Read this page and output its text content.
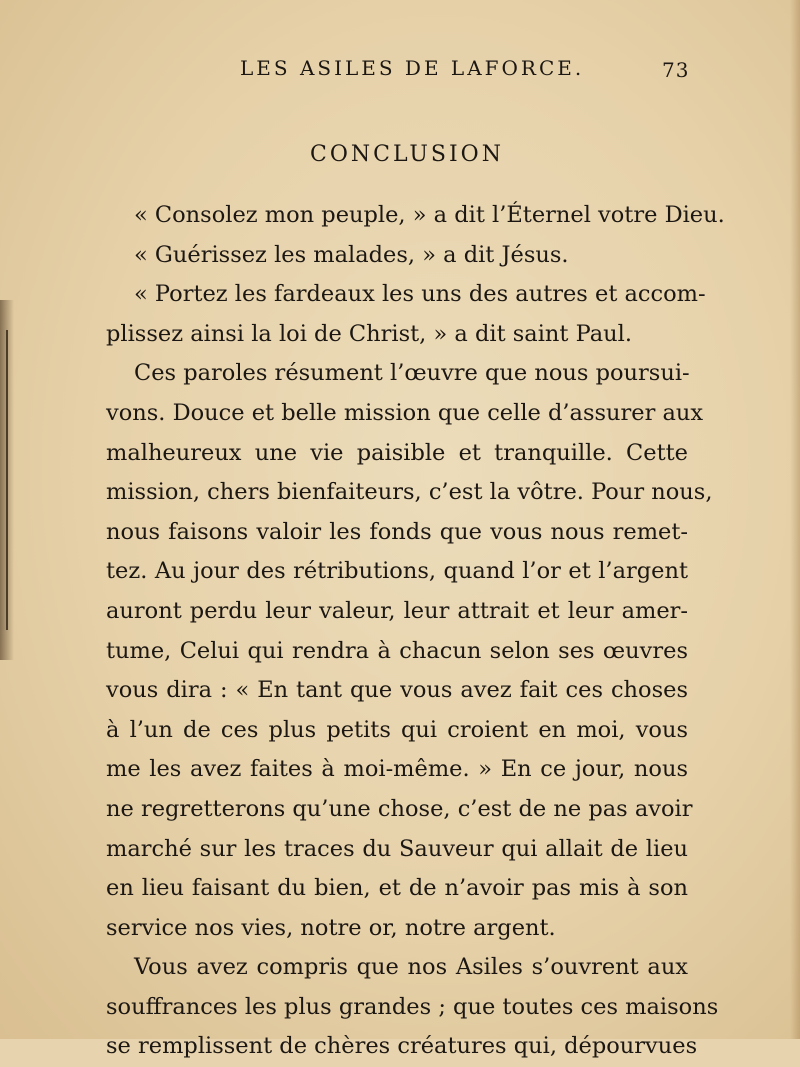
LES ASILES DE LAFORCE.	73
CONCLUSION
« Consolez mon peuple, » a dit l’Éternel votre Dieu.
« Guérissez les malades, » a dit Jésus.
« Portez les fardeaux les uns des autres et accom-
plissez ainsi la loi de Christ, » a dit saint Paul.
Ces paroles résument l’œuvre que nous poursui-
vons. Douce et belle mission que celle d’assurer aux
malheureux une vie paisible et tranquille. Cette
mission, chers bienfaiteurs, c’est la vôtre. Pour nous,
nous faisons valoir les fonds que vous nous remet-
tez. Au jour des rétributions, quand l’or et l’argent
auront perdu leur valeur, leur attrait et leur amer-
tume, Celui qui rendra à chacun selon ses œuvres
vous dira : « En tant que vous avez fait ces choses
à l’un de ces plus petits qui croient en moi, vous
me les avez faites à moi-même. » En ce jour, nous
ne regretterons qu’une chose, c’est de ne pas avoir
marché sur les traces du Sauveur qui allait de lieu
en lieu faisant du bien, et de n’avoir pas mis à son
service nos vies, notre or, notre argent.
Vous avez compris que nos Asiles s’ouvrent aux
souffrances les plus grandes ; que toutes ces maisons
se remplissent de chères créatures qui, dépourvues
